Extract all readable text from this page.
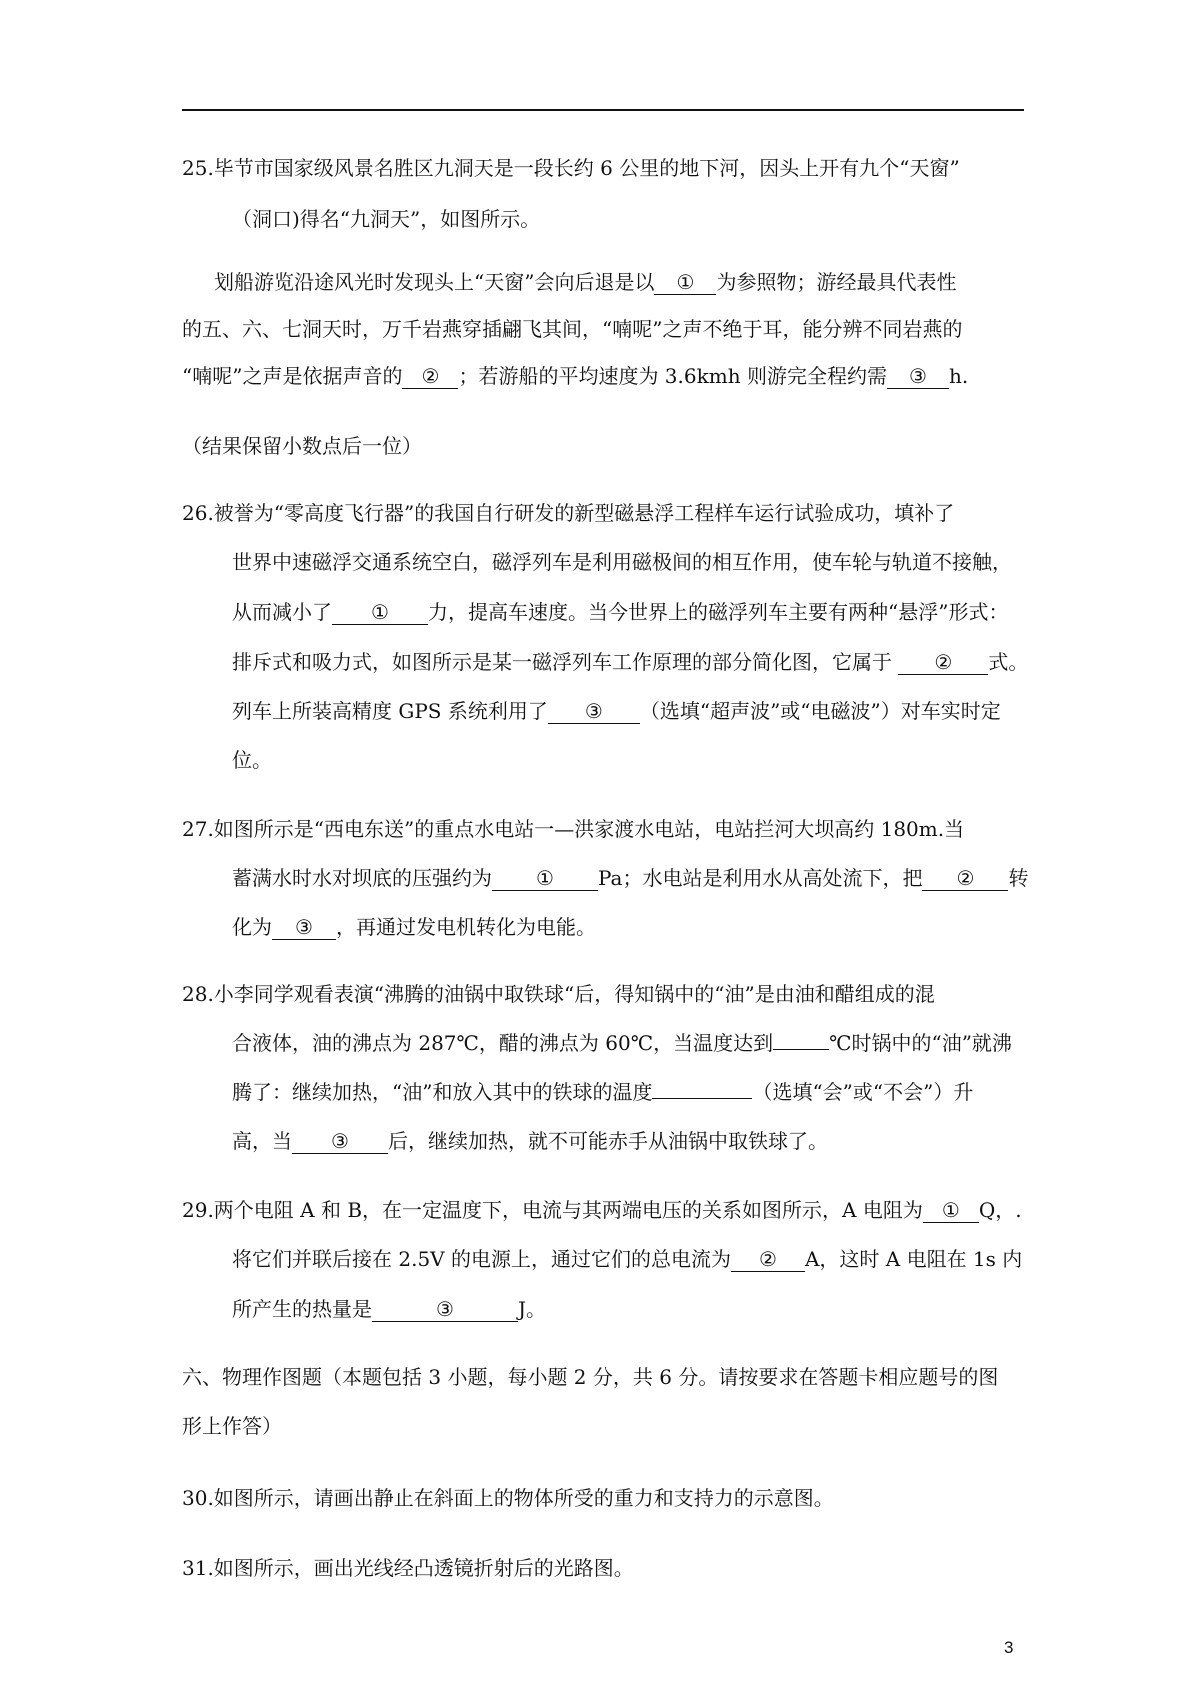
25.毕节市国家级风景名胜区九洞天是一段长约 6 公里的地下河，因头上开有九个“天窗”
（洞口)得名“九洞天”，如图所示。
划船游览沿途风光时发现头上“天窗”会向后退是以 ① 为参照物；游经最具代表性
的五、六、七洞天时，万千岩燕穿插翩飞其间，“喃呢”之声不绝于耳，能分辨不同岩燕的
“喃呢”之声是依据声音的 ② ；若游船的平均速度为 3.6kmh 则游完全程约需 ③ h.
（结果保留小数点后一位）
26.被誉为“零高度飞行器”的我国自行研发的新型磁悬浮工程样车运行试验成功，填补了
世界中速磁浮交通系统空白，磁浮列车是利用磁极间的相互作用，使车轮与轨道不接触，
从而减小了 ① 力，提高车速度。当今世界上的磁浮列车主要有两种“悬浮”形式：
排斥式和吸力式，如图所示是某一磁浮列车工作原理的部分简化图，它属于 ② 式。
列车上所装高精度 GPS 系统利用了 ③ （选填“超声波”或“电磁波”）对车实时定
位。
27.如图所示是“西电东送”的重点水电站一—洪家渡水电站，电站拦河大坝高约 180m.当
蓄满水时水对坝底的压强约为 ① Pa；水电站是利用水从高处流下，把 ② 转
化为 ③ ，再通过发电机转化为电能。
28.小李同学观看表演“沸腾的油锅中取铁球“后，得知锅中的“油”是由油和醋组成的混
合液体，油的沸点为 287℃，醋的沸点为 60℃，当温度达到	℃时锅中的“油”就沸
腾了：继续加热，“油”和放入其中的铁球的温度	（选填“会”或“不会”）升
高，当 ③ 后，继续加热，就不可能赤手从油锅中取铁球了。
29.两个电阻 A 和 B，在一定温度下，电流与其两端电压的关系如图所示，A 电阻为 ① Q，.
将它们并联后接在 2.5V 的电源上，通过它们的总电流为 ② A，这时 A 电阻在 1s 内
所产生的热量是	③	J。
六、物理作图题（本题包括 3 小题，每小题 2 分，共 6 分。请按要求在答题卡相应题号的图
形上作答）
30.如图所示，请画出静止在斜面上的物体所受的重力和支持力的示意图。
31.如图所示，画出光线经凸透镜折射后的光路图。
3
